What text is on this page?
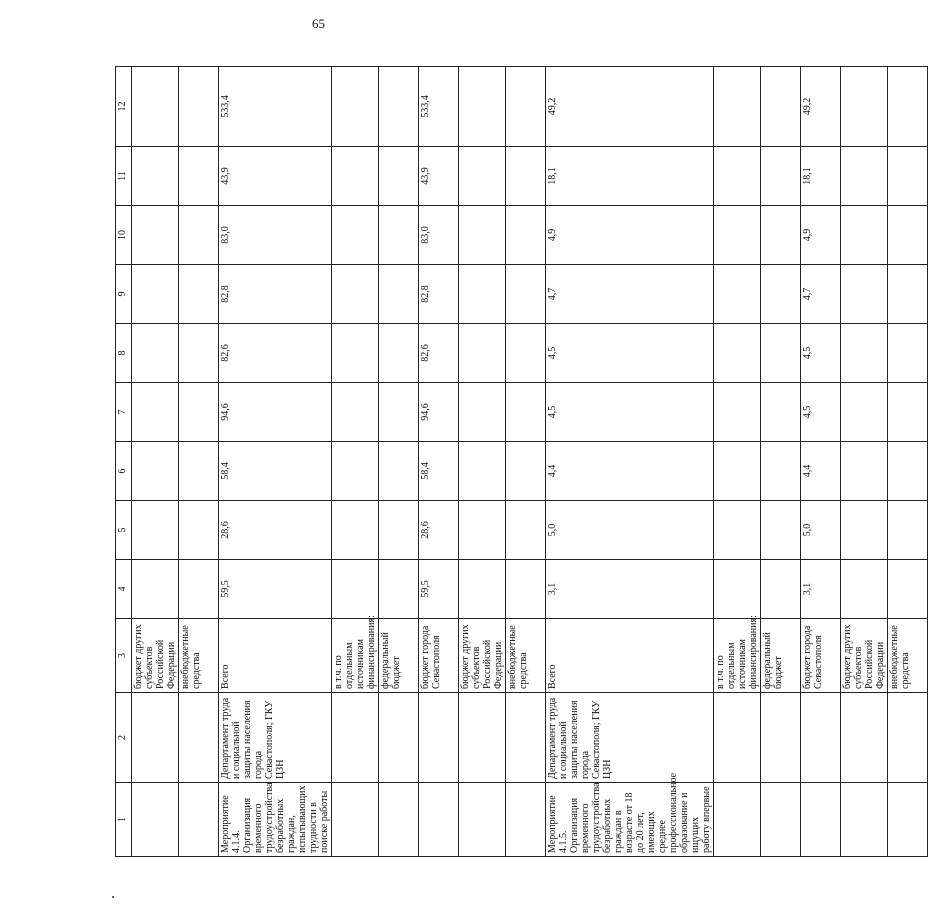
65
1	2	3	4	5	6	7	8	9	10	11	12
		бюджет других субъектов Российской Федерации									
		внебюджетные средства									
Мероприятие 4.1.4. Организация временного трудоустройства безработных граждан, испытывающих трудности в поиске работы	Департамент труда и социальной защиты населения города Севастополя; ГКУ ЦЗН	Всего	59,5	28,6	58,4	94,6	82,6	82,8	83,0	43,9	533,4
		в т.ч. по отдельным источникам финансирования:									
		федеральный бюджет									
		бюджет города Севастополя	59,5	28,6	58,4	94,6	82,6	82,8	83,0	43,9	533,4
		бюджет других субъектов Российской Федерации									
		внебюджетные средства									
Мероприятие 4.1.5. Организация временного трудоустройства безработных граждан в возрасте от 18 до 20 лет, имеющих среднее профессиональное образование и ищущих работу впервые	Департамент труда и социальной защиты населения города Севастополя; ГКУ ЦЗН	Всего	3,1	5,0	4,4	4,5	4,5	4,7	4,9	18,1	49,2
		в т.ч. по отдельным источникам финансирования:									
		федеральный бюджет									
		бюджет города Севастополя	3,1	5,0	4,4	4,5	4,5	4,7	4,9	18,1	49,2
		бюджет других субъектов Российской Федерации									
		внебюджетные средства									
